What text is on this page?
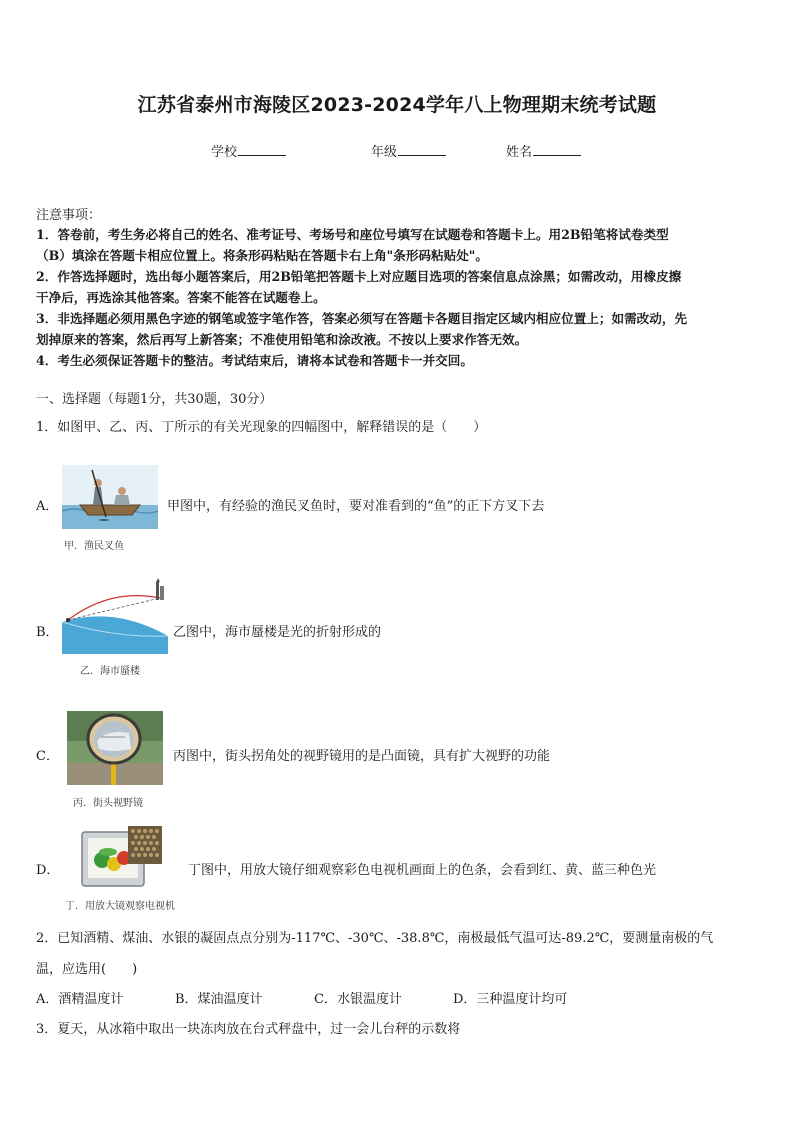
江苏省泰州市海陵区2023-2024学年八上物理期末统考试题
学校	年级	姓名
注意事项：
1．答卷前，考生务必将自己的姓名、准考证号、考场号和座位号填写在试题卷和答题卡上。用2B铅笔将试卷类型
（B）填涂在答题卡相应位置上。将条形码粘贴在答题卡右上角"条形码粘贴处"。
2．作答选择题时，选出每小题答案后，用2B铅笔把答题卡上对应题目选项的答案信息点涂黑；如需改动，用橡皮擦
干净后，再选涂其他答案。答案不能答在试题卷上。
3．非选择题必须用黑色字迹的钢笔或签字笔作答，答案必须写在答题卡各题目指定区域内相应位置上；如需改动，先
划掉原来的答案，然后再写上新答案；不准使用铅笔和涂改液。不按以上要求作答无效。
4．考生必须保证答题卡的整洁。考试结束后，请将本试卷和答题卡一并交回。
一、选择题（每题1分，共30题，30分）
1．如图甲、乙、丙、丁所示的有关光现象的四幅图中，解释错误的是（　　）
A．	甲图中，有经验的渔民叉鱼时，要对准看到的“鱼”的正下方叉下去
甲．渔民叉鱼
B．	乙图中，海市蜃楼是光的折射形成的
乙．海市蜃楼
C．	丙图中，街头拐角处的视野镜用的是凸面镜，具有扩大视野的功能
丙．街头视野镜
D．	丁图中，用放大镜仔细观察彩色电视机画面上的色条，会看到红、黄、蓝三种色光
丁．用放大镜观察电视机
2．已知酒精、煤油、水银的凝固点点分别为-117℃、-30℃、-38.8℃，南极最低气温可达-89.2℃，要测量南极的气
温，应选用(　　)
A．酒精温度计	B．煤油温度计	C．水银温度计	D．三种温度计均可
3．夏天，从冰箱中取出一块冻肉放在台式秤盘中，过一会儿台秤的示数将
